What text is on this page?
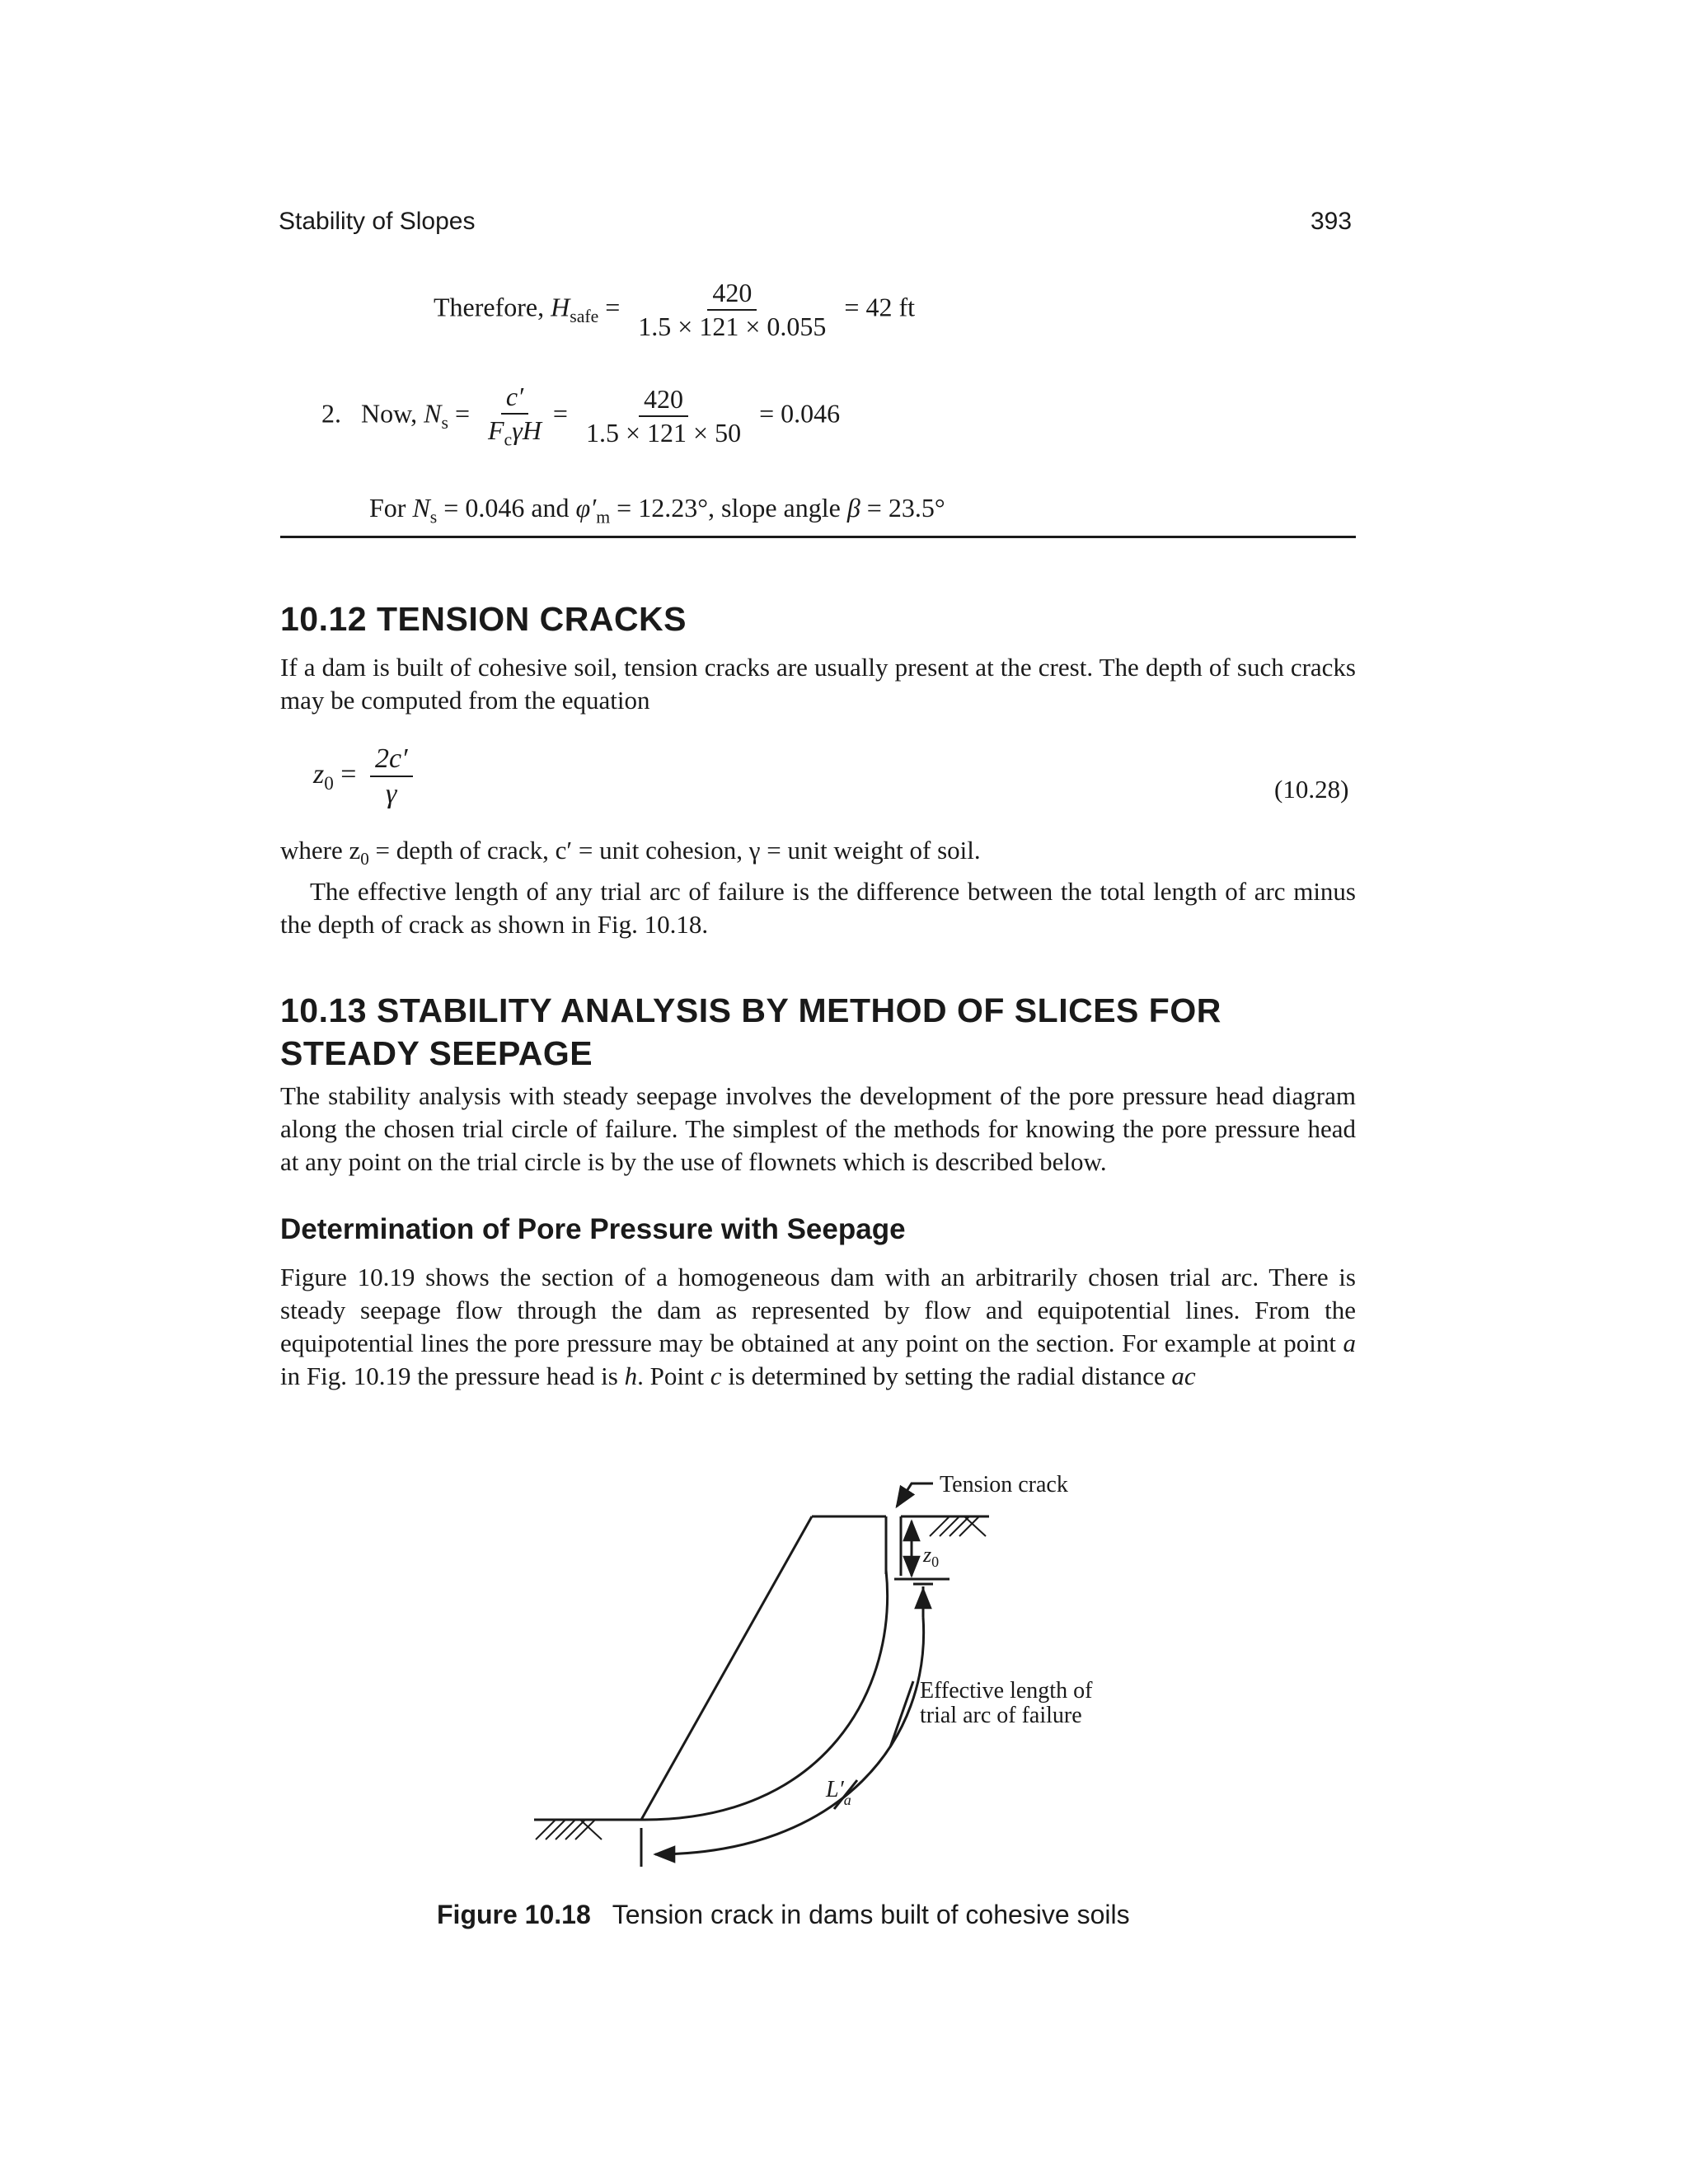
Stability of Slopes	393
Therefore, $H_{safe} = \frac{420}{1.5 \times 121 \times 0.055} = 42$ ft
2. Now, $N_s = \frac{c'}{F_c\gamma H} = \frac{420}{1.5 \times 121 \times 50} = 0.046$
For $N_s = 0.046$ and $\varphi'_m = 12.23^\circ$, slope angle β = 23.5°
10.12 TENSION CRACKS

If a dam is built of cohesive soil, tension cracks are usually present at the crest. The depth of such cracks may be computed from the equation

$z_0 = \frac{2c'}{\gamma}$	(10.28)

where $z_0$ = depth of crack, c′ = unit cohesion, γ = unit weight of soil.

The effective length of any trial arc of failure is the difference between the total length of arc minus the depth of crack as shown in Fig. 10.18.

10.13 STABILITY ANALYSIS BY METHOD OF SLICES FOR
STEADY SEEPAGE

The stability analysis with steady seepage involves the development of the pore pressure head diagram along the chosen trial circle of failure. The simplest of the methods for knowing the pore pressure head at any point on the trial circle is by the use of flownets which is described below.

Determination of Pore Pressure with Seepage

Figure 10.19 shows the section of a homogeneous dam with an arbitrarily chosen trial arc. There is steady seepage flow through the dam as represented by flow and equipotential lines. From the equipotential lines the pore pressure may be obtained at any point on the section. For example at point a in Fig. 10.19 the pressure head is h. Point c is determined by setting the radial distance ac

Tension crack
$z_0$
Effective length of
trial arc of failure
$L'_a$
Figure 10.18 Tension crack in dams built of cohesive soils
